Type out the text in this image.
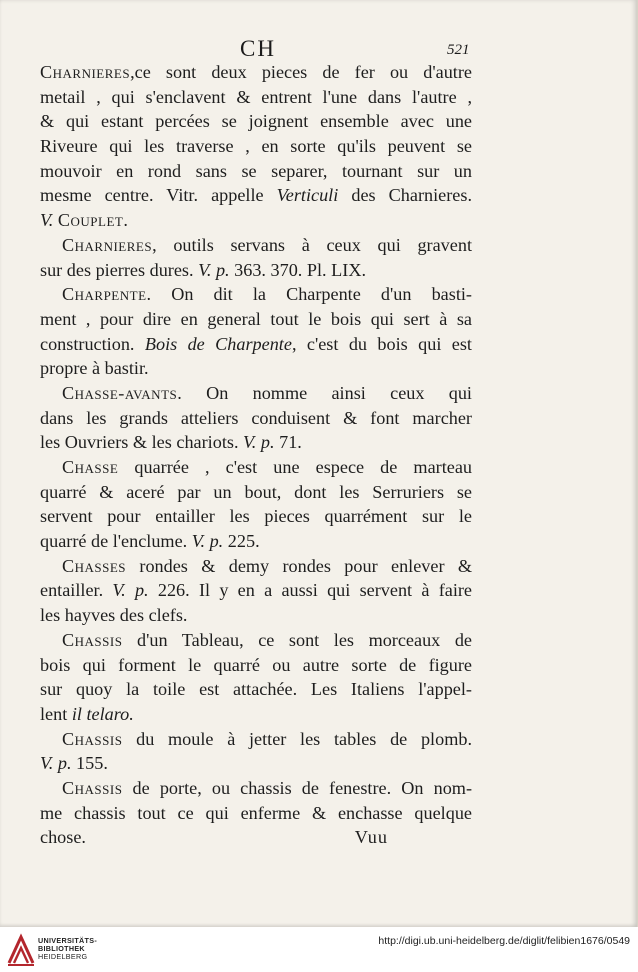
CH	521
Charnieres,ce sont deux pieces de fer ou d'autre
metail , qui s'enclavent & entrent l'une dans l'autre ,
& qui estant percées se joignent ensemble avec une
Riveure qui les traverse , en sorte qu'ils peuvent se
mouvoir en rond sans se separer, tournant sur un
mesme centre. Vitr. appelle Verticuli des Charnieres.
V. Couplet.
Charnieres, outils servans à ceux qui gravent
sur des pierres dures. V. p. 363. 370. Pl. LIX.
Charpente. On dit la Charpente d'un basti-
ment , pour dire en general tout le bois qui sert à sa
construction. Bois de Charpente, c'est du bois qui est
propre à bastir.
Chasse-avants. On nomme ainsi ceux qui
dans les grands atteliers conduisent & font marcher
les Ouvriers & les chariots. V. p. 71.
Chasse quarrée , c'est une espece de marteau
quarré & aceré par un bout, dont les Serruriers se
servent pour entailler les pieces quarrément sur le
quarré de l'enclume. V. p. 225.
Chasses rondes & demy rondes pour enlever &
entailler. V. p. 226. Il y en a aussi qui servent à faire
les hayves des clefs.
Chassis d'un Tableau, ce sont les morceaux de
bois qui forment le quarré ou autre sorte de figure
sur quoy la toile est attachée. Les Italiens l'appel-
lent il telaro.
Chassis du moule à jetter les tables de plomb.
V. p. 155.
Chassis de porte, ou chassis de fenestre. On nom-
me chassis tout ce qui enferme & enchasse quelque
chose.	Vuu
UNIVERSITÄTS-
BIBLIOTHEK
HEIDELBERG
http://digi.ub.uni-heidelberg.de/diglit/felibien1676/0549
